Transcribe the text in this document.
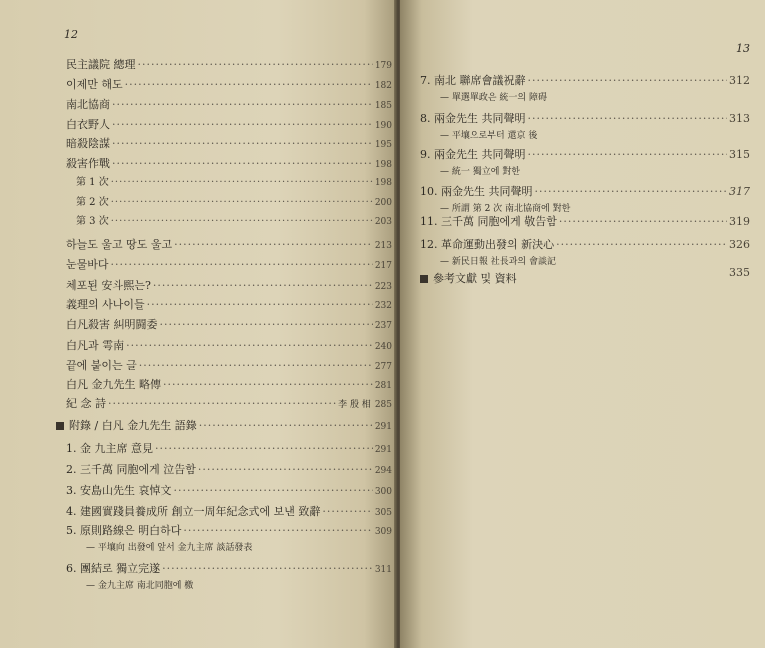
12
民主議院 總理 ·····	179
이제만 해도 ·····	182
南北協商 ·····	185
白衣野人 ·····	190
暗殺陰謀 ·····	195
殺害作戰 ·····	198
第 1 次 ·····	198
第 2 次 ·····	200
第 3 次 ·····	203
하늘도 울고 땅도 울고 ·····	213
눈물바다 ·····	217
체포된 安斗熙는? ·····	223
義理의 사나이들 ·····	232
白凡殺害 糾明闘委 ·····	237
白凡과 雩南 ·····	240
끝에 붙이는 글 ·····	277
白凡 金九先生 略傳 ·····	281
紀 念 詩 ·····	李 殷 相 285
附錄 / 白凡 金九先生 語錄 ·····	291
1. 金 九主席 意見 ·····	291
2. 三千萬 同胞에게 泣告함 ·····	294
3. 安島山先生 哀悼文 ·····	300
4. 建國實踐員養成所 創立一周年紀念式에 보낸 致辭 ·····	305
5. 原則路線은 明白하다 ·····	309
— 平壤向 出發에 앞서 金九主席 談話發表
6. 團結로 獨立完遂 ·····	311
— 金九主席 南北同胞에 檄
13
7. 南北 聯席會議祝辭 ·····	312
— 單選單政은 統一의 障碍
8. 兩金先生 共同聲明 ·····	313
— 平壤으로부터 還京 後
9. 兩金先生 共同聲明 ·····	315
— 統一 獨立에 對한
10. 兩金先生 共同聲明 ·····	317
— 所謂 第 2 次 南北協商에 對한
11. 三千萬 同胞에게 敬告함 ·····	319
12. 革命運動出發의 新決心 ·····	326
— 新民日報 社長과의 會談記
參考文獻 및 資料	335
